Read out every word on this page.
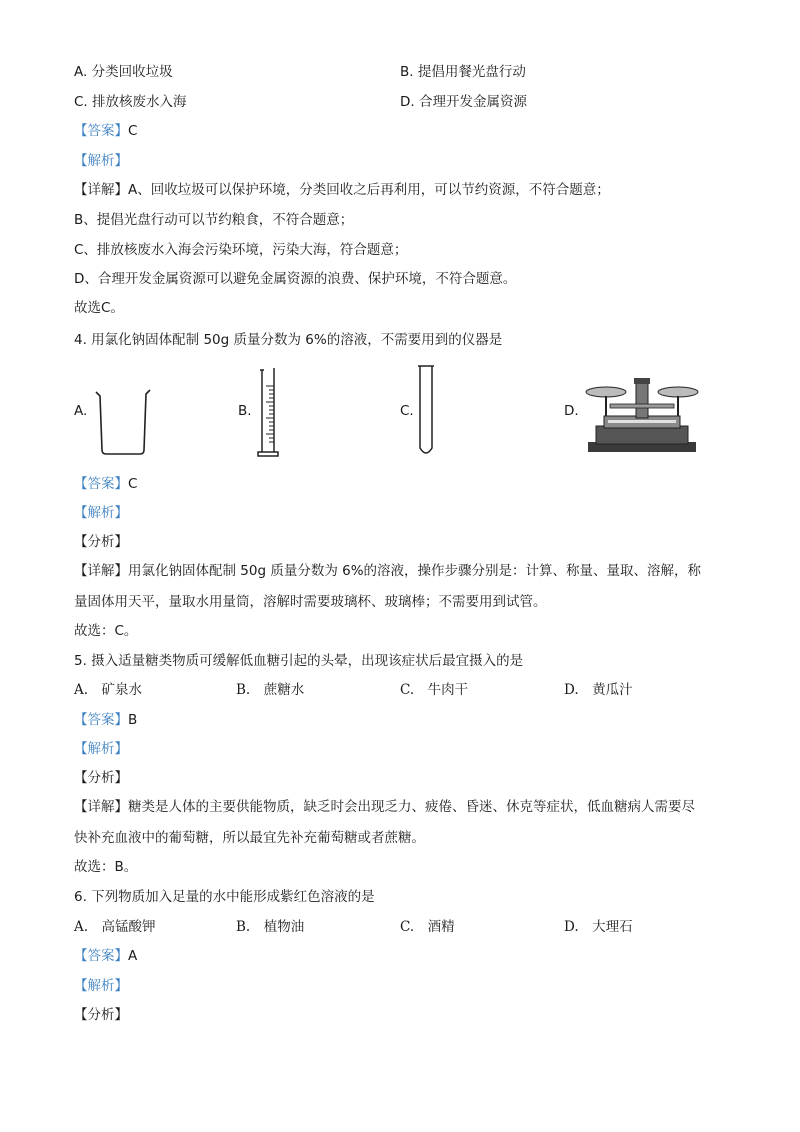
A. 分类回收垃圾	B. 提倡用餐光盘行动
C. 排放核废水入海	D. 合理开发金属资源
【答案】C
【解析】
【详解】A、回收垃圾可以保护环境，分类回收之后再利用，可以节约资源，不符合题意；
B、提倡光盘行动可以节约粮食，不符合题意；
C、排放核废水入海会污染环境，污染大海，符合题意；
D、合理开发金属资源可以避免金属资源的浪费、保护环境，不符合题意。
故选C。
4. 用氯化钠固体配制 50g 质量分数为 6%的溶液，不需要用到的仪器是
A.	B.	C.	D.
【答案】C
【解析】
【分析】
【详解】用氯化钠固体配制 50g 质量分数为 6%的溶液，操作步骤分别是：计算、称量、量取、溶解，称
量固体用天平，量取水用量筒，溶解时需要玻璃杯、玻璃棒；不需要用到试管。
故选：C。
5. 摄入适量糖类物质可缓解低血糖引起的头晕，出现该症状后最宜摄入的是
A.　矿泉水	B.　蔗糖水	C.　牛肉干	D.　黄瓜汁
【答案】B
【解析】
【分析】
【详解】糖类是人体的主要供能物质，缺乏时会出现乏力、疲倦、昏迷、休克等症状，低血糖病人需要尽
快补充血液中的葡萄糖，所以最宜先补充葡萄糖或者蔗糖。
故选：B。
6. 下列物质加入足量的水中能形成紫红色溶液的是
A.　高锰酸钾	B.　植物油	C.　酒精	D.　大理石
【答案】A
【解析】
【分析】
